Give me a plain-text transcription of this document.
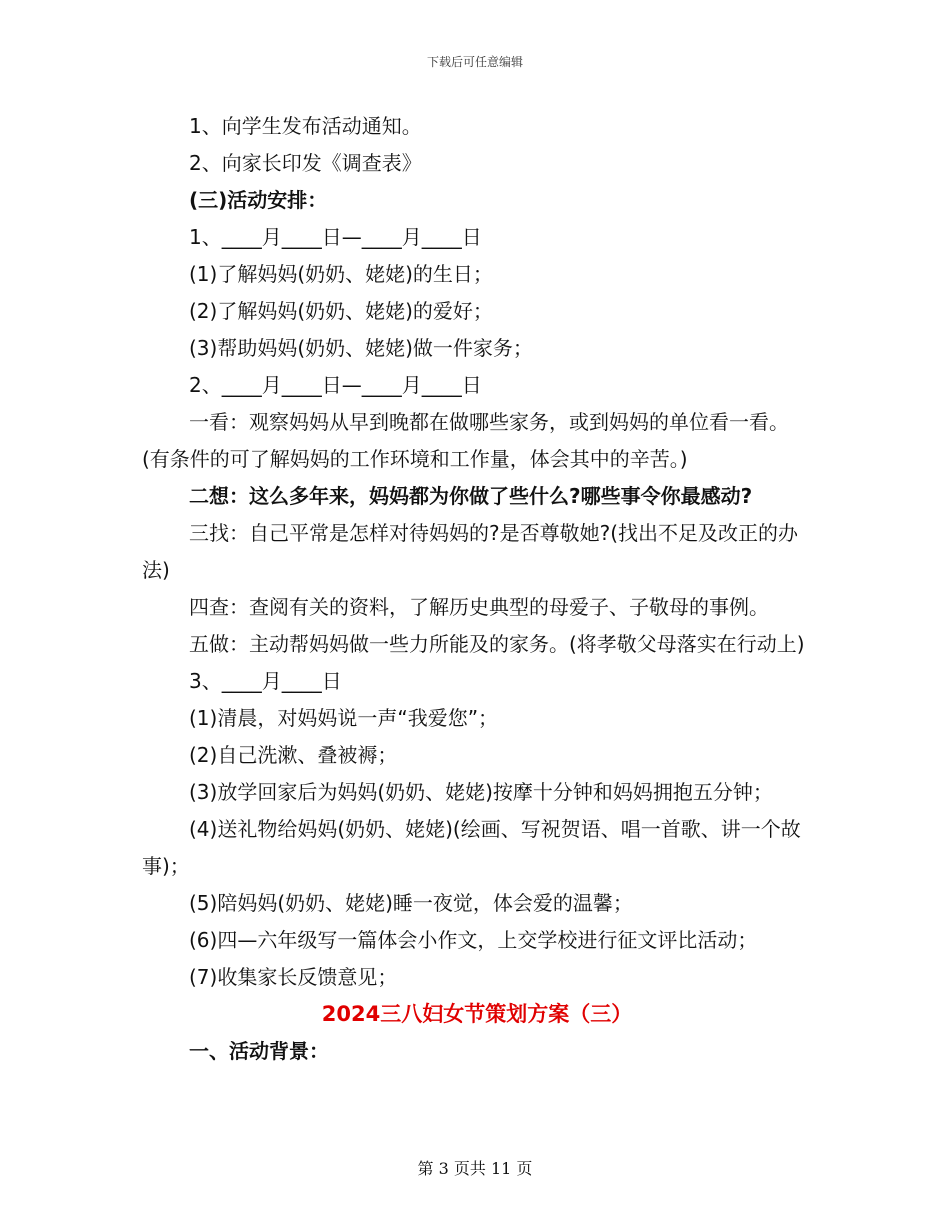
下载后可任意编辑

1、向学生发布活动通知。

2、向家长印发《调查表》

(三)活动安排：

1、____月____日—____月____日

(1)了解妈妈(奶奶、姥姥)的生日；

(2)了解妈妈(奶奶、姥姥)的爱好；

(3)帮助妈妈(奶奶、姥姥)做一件家务；

2、____月____日—____月____日

一看：观察妈妈从早到晚都在做哪些家务，或到妈妈的单位看一看。(有条件的可了解妈妈的工作环境和工作量，体会其中的辛苦。)

二想：这么多年来，妈妈都为你做了些什么?哪些事令你最感动?

三找：自己平常是怎样对待妈妈的?是否尊敬她?(找出不足及改正的办法)

四查：查阅有关的资料，了解历史典型的母爱子、子敬母的事例。

五做：主动帮妈妈做一些力所能及的家务。(将孝敬父母落实在行动上)

3、____月____日

(1)清晨，对妈妈说一声“我爱您”；

(2)自己洗漱、叠被褥；

(3)放学回家后为妈妈(奶奶、姥姥)按摩十分钟和妈妈拥抱五分钟；

(4)送礼物给妈妈(奶奶、姥姥)(绘画、写祝贺语、唱一首歌、讲一个故事)；

(5)陪妈妈(奶奶、姥姥)睡一夜觉，体会爱的温馨；

(6)四—六年级写一篇体会小作文，上交学校进行征文评比活动；

(7)收集家长反馈意见；

2024三八妇女节策划方案（三）

一、活动背景：

第 3 页共 11 页
